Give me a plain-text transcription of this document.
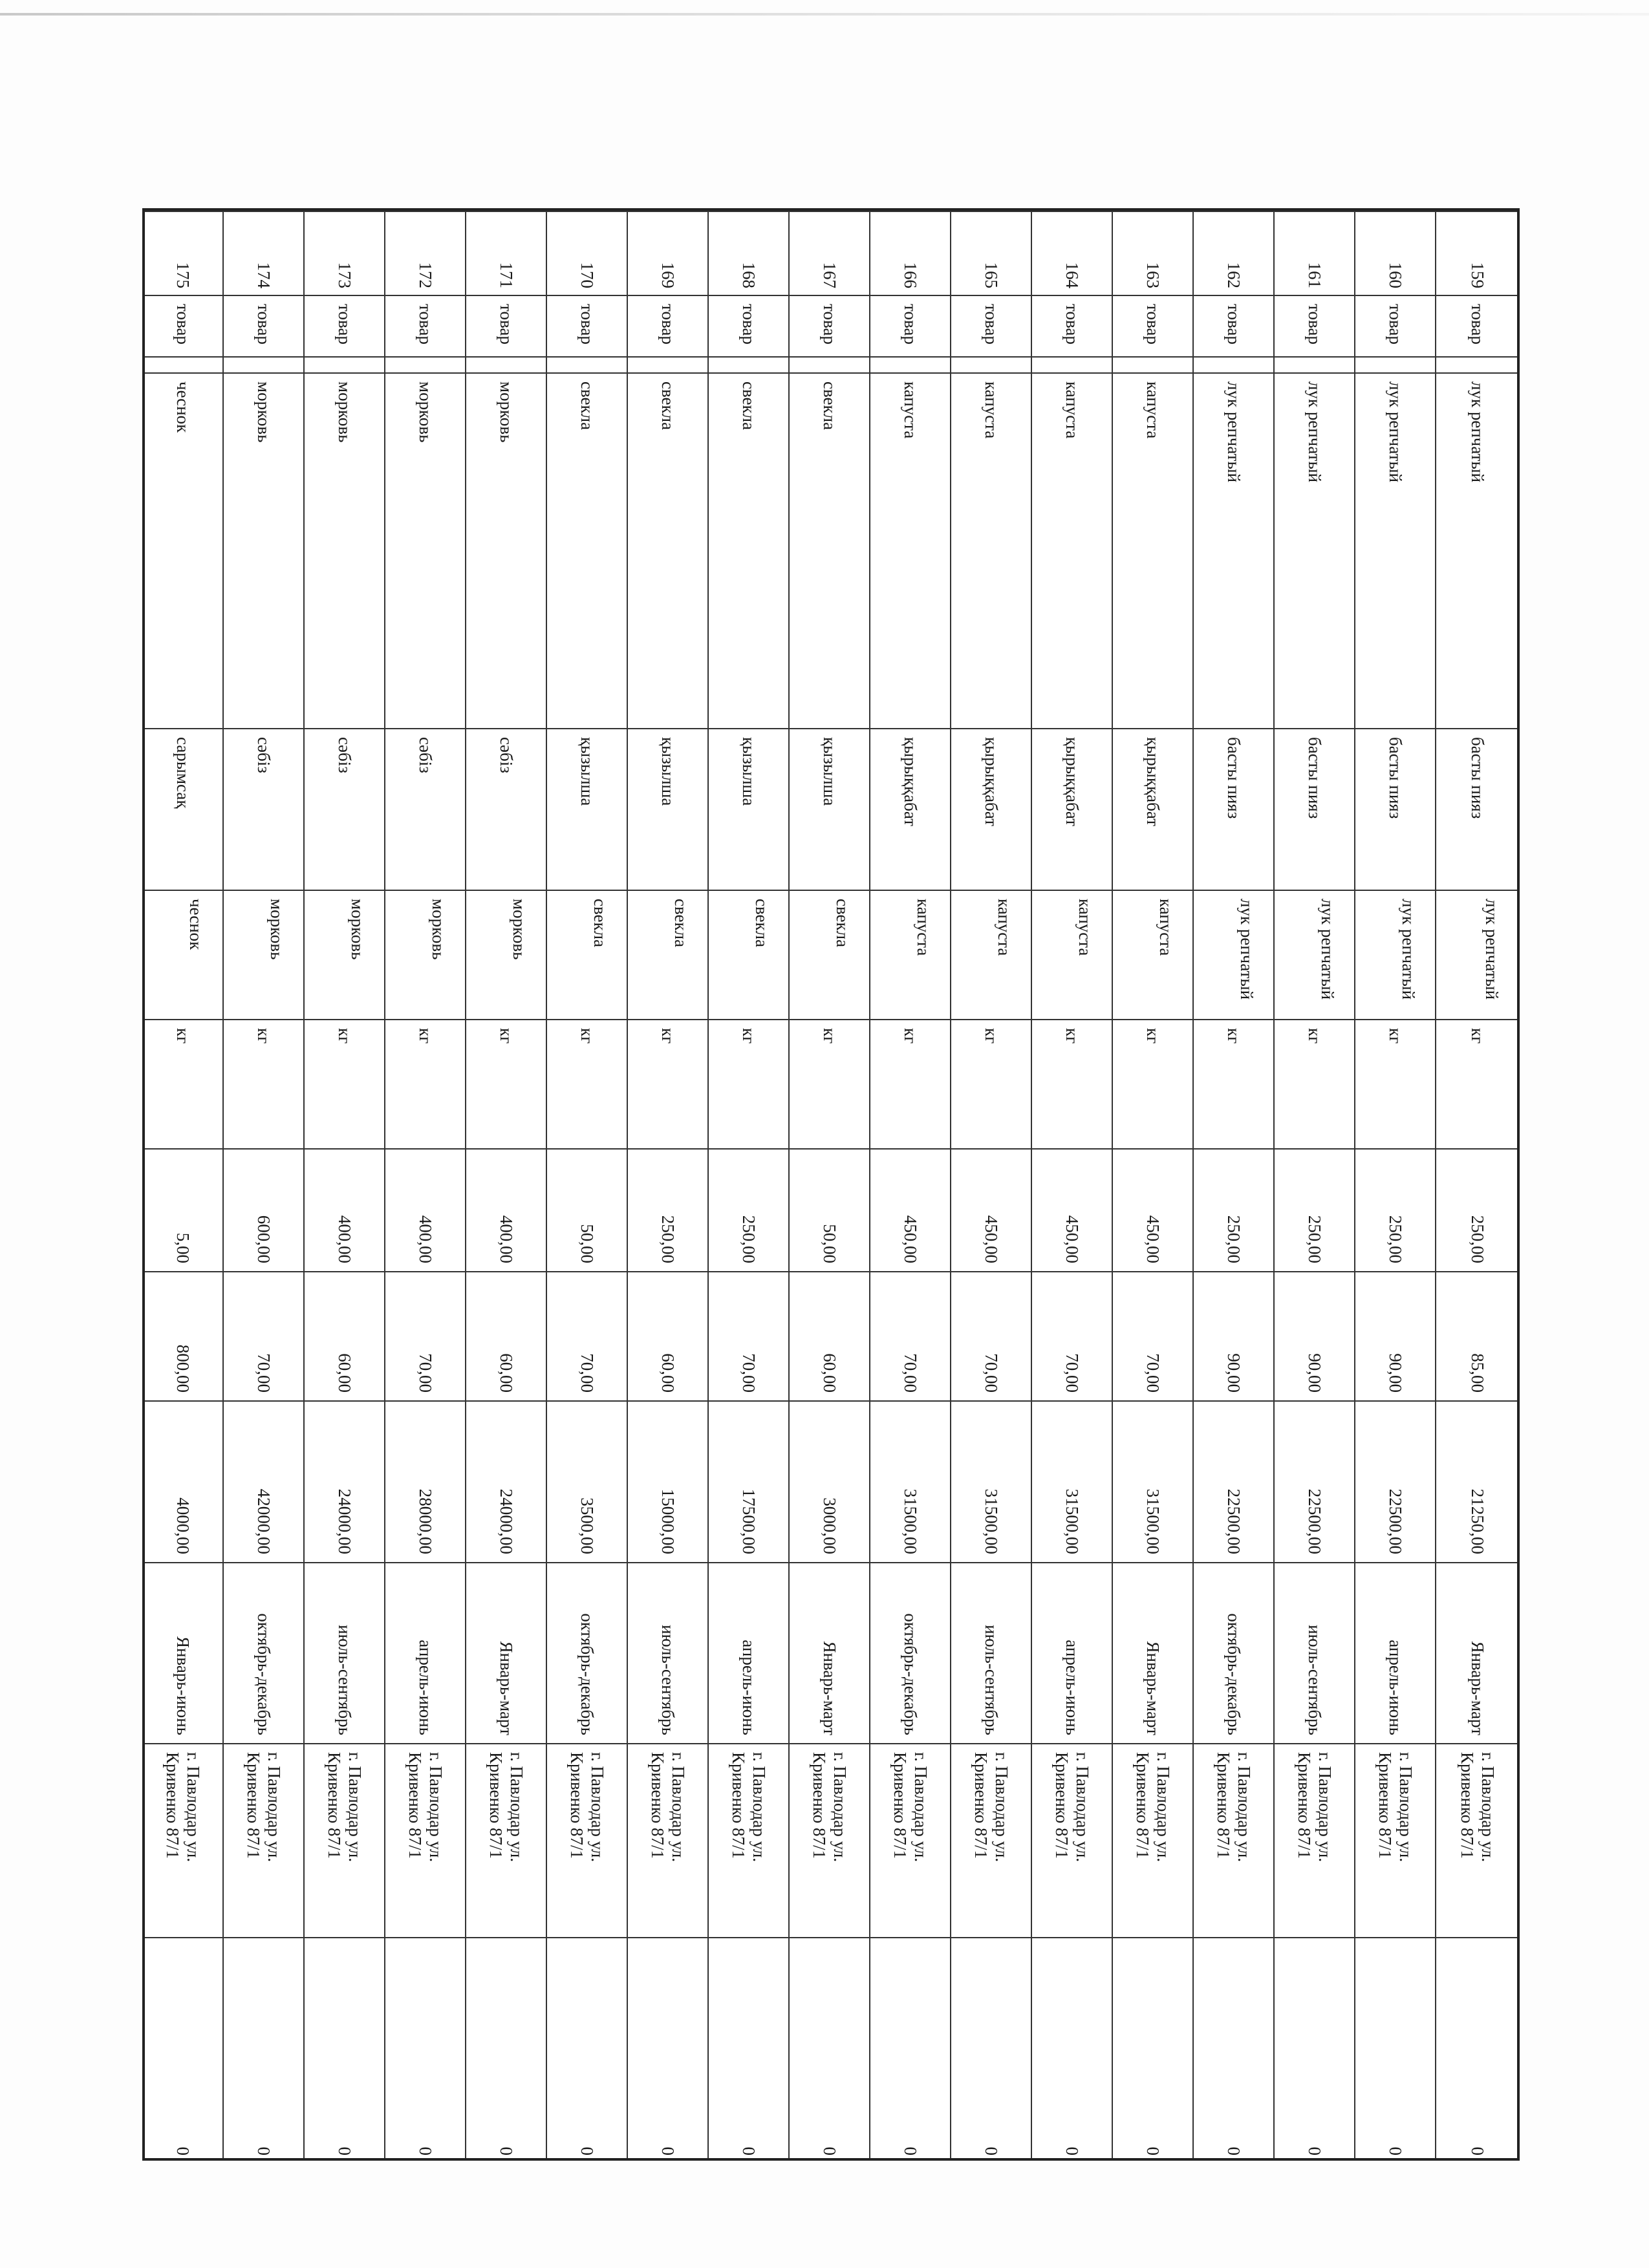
159	товар		лук репчатый	басты пияз	лук репчатый	кг	250,00	85,00	21250,00	Январь-март	г. Павлодар ул. Кривенко 87/1	0
160	товар		лук репчатый	басты пияз	лук репчатый	кг	250,00	90,00	22500,00	апрель-июнь	г. Павлодар ул. Кривенко 87/1	0
161	товар		лук репчатый	басты пияз	лук репчатый	кг	250,00	90,00	22500,00	июль-сентябрь	г. Павлодар ул. Кривенко 87/1	0
162	товар		лук репчатый	басты пияз	лук репчатый	кг	250,00	90,00	22500,00	октябрь-декабрь	г. Павлодар ул. Кривенко 87/1	0
163	товар		капуста	қырыққабат	капуста	кг	450,00	70,00	31500,00	Январь-март	г. Павлодар ул. Кривенко 87/1	0
164	товар		капуста	қырыққабат	капуста	кг	450,00	70,00	31500,00	апрель-июнь	г. Павлодар ул. Кривенко 87/1	0
165	товар		капуста	қырыққабат	капуста	кг	450,00	70,00	31500,00	июль-сентябрь	г. Павлодар ул. Кривенко 87/1	0
166	товар		капуста	қырыққабат	капуста	кг	450,00	70,00	31500,00	октябрь-декабрь	г. Павлодар ул. Кривенко 87/1	0
167	товар		свекла	қызылша	свекла	кг	50,00	60,00	3000,00	Январь-март	г. Павлодар ул. Кривенко 87/1	0
168	товар		свекла	қызылша	свекла	кг	250,00	70,00	17500,00	апрель-июнь	г. Павлодар ул. Кривенко 87/1	0
169	товар		свекла	қызылша	свекла	кг	250,00	60,00	15000,00	июль-сентябрь	г. Павлодар ул. Кривенко 87/1	0
170	товар		свекла	қызылша	свекла	кг	50,00	70,00	3500,00	октябрь-декабрь	г. Павлодар ул. Кривенко 87/1	0
171	товар		морковь	сәбіз	морковь	кг	400,00	60,00	24000,00	Январь-март	г. Павлодар ул. Кривенко 87/1	0
172	товар		морковь	сәбіз	морковь	кг	400,00	70,00	28000,00	апрель-июнь	г. Павлодар ул. Кривенко 87/1	0
173	товар		морковь	сәбіз	морковь	кг	400,00	60,00	24000,00	июль-сентябрь	г. Павлодар ул. Кривенко 87/1	0
174	товар		морковь	сәбіз	морковь	кг	600,00	70,00	42000,00	октябрь-декабрь	г. Павлодар ул. Кривенко 87/1	0
175	товар		чеснок	сарымсақ	чеснок	кг	5,00	800,00	4000,00	Январь-июнь	г. Павлодар ул. Кривенко 87/1	0
